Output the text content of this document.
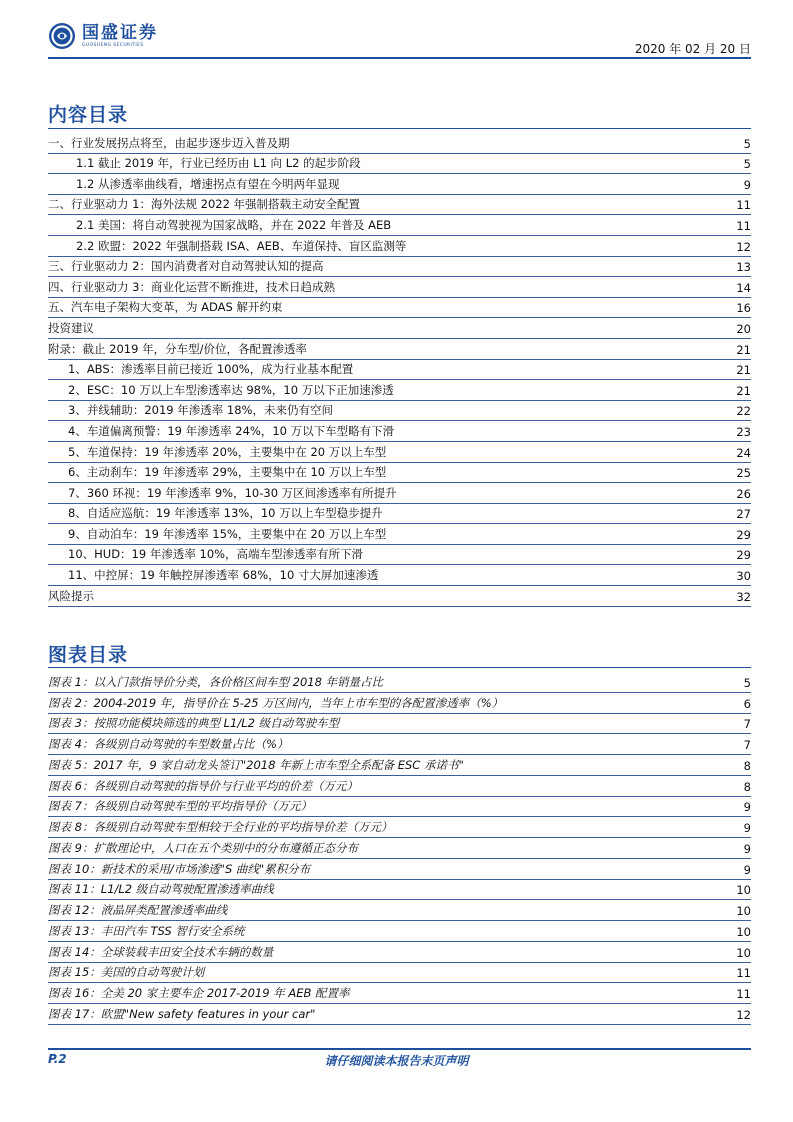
国盛证券
GUOSHENG SECURITIES	2020 年 02 月 20 日
内容目录
一、行业发展拐点将至，由起步逐步迈入普及期	5
1.1 截止 2019 年，行业已经历由 L1 向 L2 的起步阶段	5
1.2 从渗透率曲线看，增速拐点有望在今明两年显现	9
二、行业驱动力 1：海外法规 2022 年强制搭载主动安全配置	11
2.1 美国：将自动驾驶视为国家战略，并在 2022 年普及 AEB	11
2.2 欧盟：2022 年强制搭载 ISA、AEB、车道保持、盲区监测等	12
三、行业驱动力 2：国内消费者对自动驾驶认知的提高	13
四、行业驱动力 3：商业化运营不断推进，技术日趋成熟	14
五、汽车电子架构大变革，为 ADAS 解开约束	16
投资建议	20
附录：截止 2019 年，分车型/价位，各配置渗透率	21
1、ABS：渗透率目前已接近 100%，成为行业基本配置	21
2、ESC：10 万以上车型渗透率达 98%，10 万以下正加速渗透	21
3、并线辅助：2019 年渗透率 18%，未来仍有空间	22
4、车道偏离预警：19 年渗透率 24%，10 万以下车型略有下滑	23
5、车道保持：19 年渗透率 20%，主要集中在 20 万以上车型	24
6、主动刹车：19 年渗透率 29%，主要集中在 10 万以上车型	25
7、360 环视：19 年渗透率 9%，10-30 万区间渗透率有所提升	26
8、自适应巡航：19 年渗透率 13%，10 万以上车型稳步提升	27
9、自动泊车：19 年渗透率 15%，主要集中在 20 万以上车型	29
10、HUD：19 年渗透率 10%，高端车型渗透率有所下滑	29
11、中控屏：19 年触控屏渗透率 68%，10 寸大屏加速渗透	30
风险提示	32
图表目录
图表 1：以入门款指导价分类，各价格区间车型 2018 年销量占比	5
图表 2：2004-2019 年，指导价在 5-25 万区间内，当年上市车型的各配置渗透率（%）	6
图表 3：按照功能模块筛选的典型 L1/L2 级自动驾驶车型	7
图表 4：各级别自动驾驶的车型数量占比（%）	7
图表 5：2017 年，9 家自动龙头签订"2018 年新上市车型全系配备 ESC 承诺书"	8
图表 6：各级别自动驾驶的指导价与行业平均的价差（万元）	8
图表 7：各级别自动驾驶车型的平均指导价（万元）	9
图表 8：各级别自动驾驶车型相较于全行业的平均指导价差（万元）	9
图表 9：扩散理论中，人口在五个类别中的分布遵循正态分布	9
图表 10：新技术的采用/市场渗透"S 曲线"累积分布	9
图表 11：L1/L2 级自动驾驶配置渗透率曲线	10
图表 12：液晶屏类配置渗透率曲线	10
图表 13：丰田汽车 TSS 智行安全系统	10
图表 14：全球装载丰田安全技术车辆的数量	10
图表 15：美国的自动驾驶计划	11
图表 16：全美 20 家主要车企 2017-2019 年 AEB 配置率	11
图表 17：欧盟"New safety features in your car"	12
P.2	请仔细阅读本报告末页声明
